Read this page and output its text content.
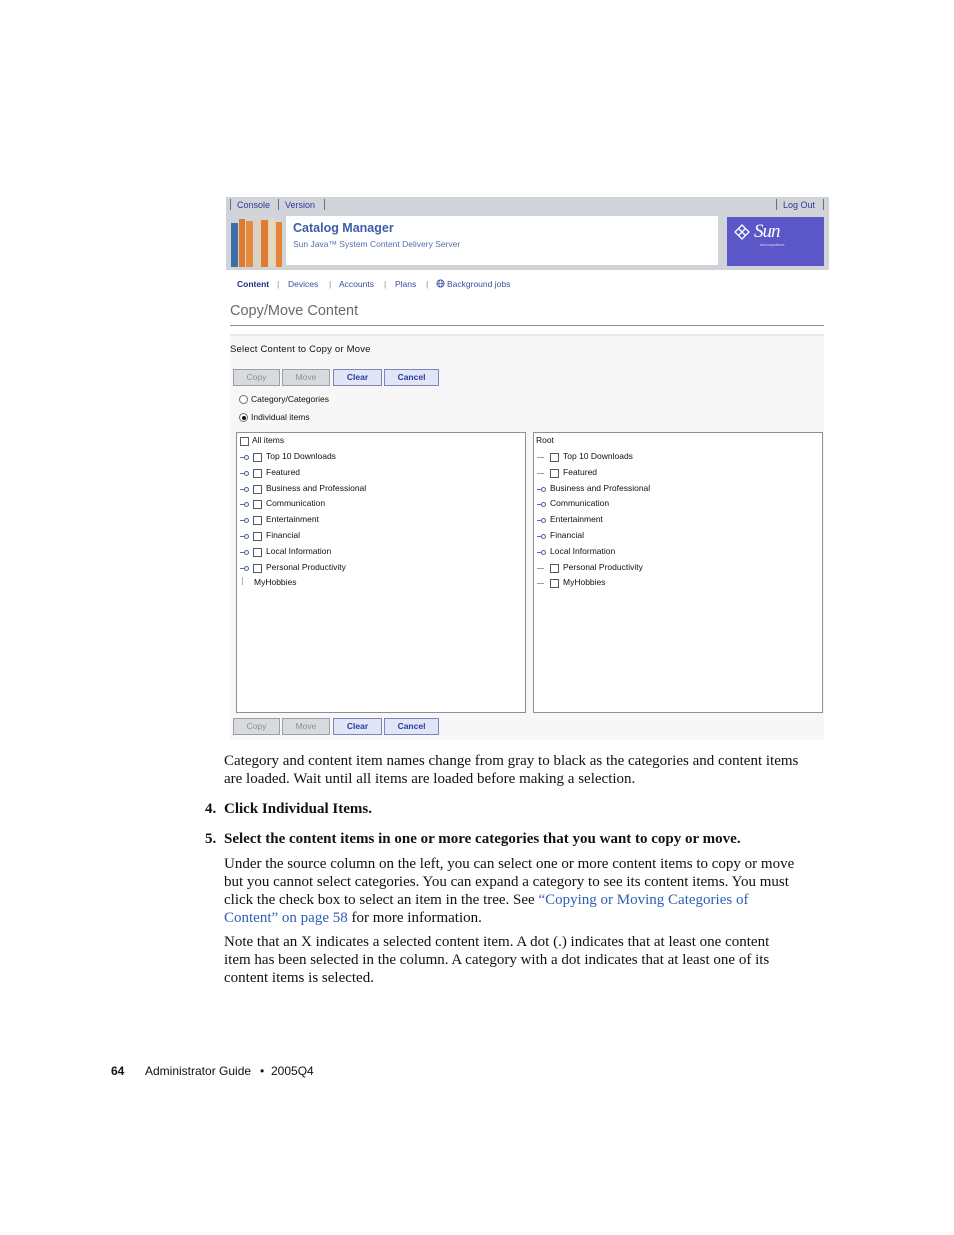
Console Version	Log Out
Catalog Manager
Sun Java™ System Content Delivery Server
Sun
microsystems
Content | Devices | Accounts | Plans | Background jobs
Copy/Move Content
Select Content to Copy or Move
Copy	Move	Clear	Cancel
Category/Categories
Individual items
All items
Top 10 Downloads
Featured
Business and Professional
Communication
Entertainment
Financial
Local Information
Personal Productivity
MyHobbies
Root
Top 10 Downloads
Featured
Business and Professional
Communication
Entertainment
Financial
Local Information
Personal Productivity
MyHobbies
Copy	Move	Clear	Cancel
Category and content item names change from gray to black as the categories and content items are loaded. Wait until all items are loaded before making a selection.
4. Click Individual Items.
5. Select the content items in one or more categories that you want to copy or move.
Under the source column on the left, you can select one or more content items to copy or move but you cannot select categories. You can expand a category to see its content items. You must click the check box to select an item in the tree. See “Copying or Moving Categories of Content” on page 58 for more information.
Note that an X indicates a selected content item. A dot (.) indicates that at least one content item has been selected in the column. A category with a dot indicates that at least one of its content items is selected.
64 Administrator Guide • 2005Q4
